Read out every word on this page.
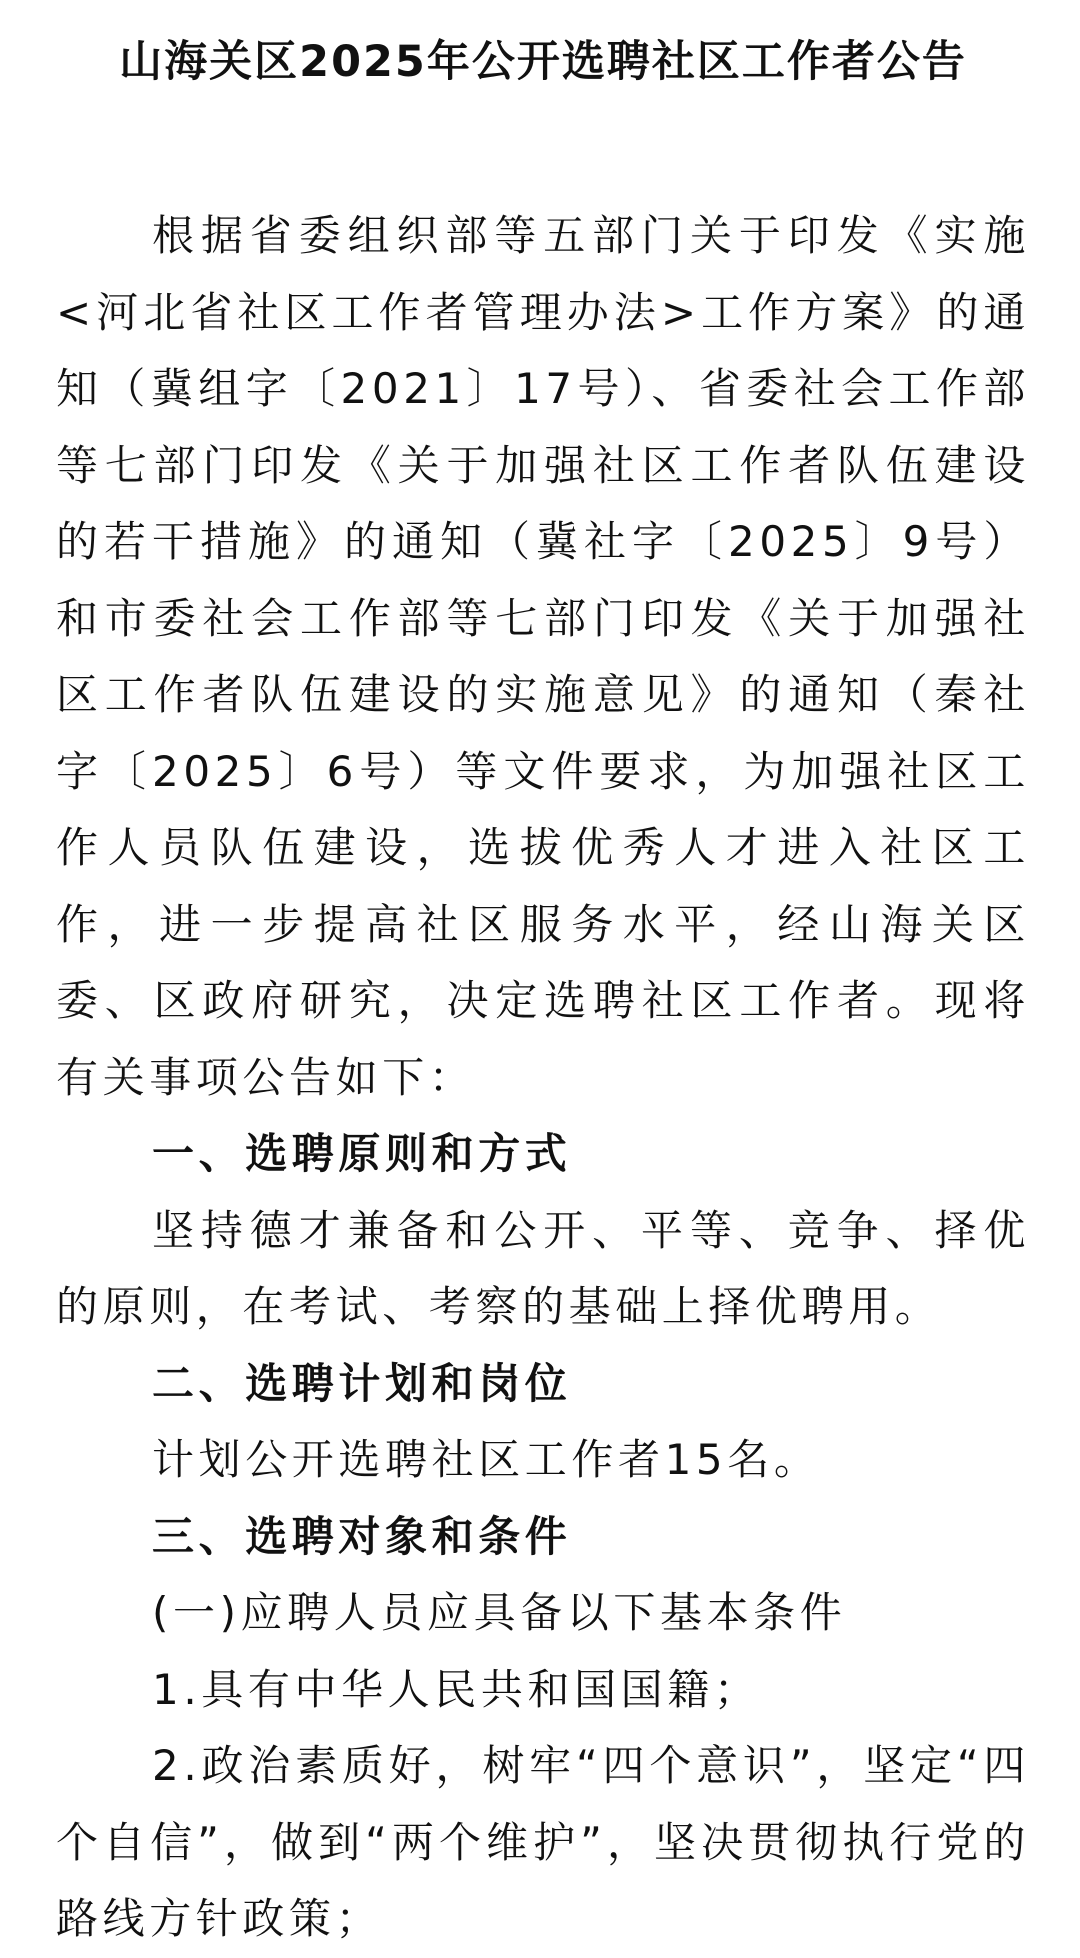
山海关区2025年公开选聘社区工作者公告

根据省委组织部等五部门关于印发《实施<河北省社区工作者管理办法>工作方案》的通知（冀组字〔2021〕17号）、省委社会工作部等七部门印发《关于加强社区工作者队伍建设的若干措施》的通知（冀社字〔2025〕9号）和市委社会工作部等七部门印发《关于加强社区工作者队伍建设的实施意见》的通知（秦社字〔2025〕6号）等文件要求，为加强社区工作人员队伍建设，选拔优秀人才进入社区工作，进一步提高社区服务水平，经山海关区委、区政府研究，决定选聘社区工作者。现将有关事项公告如下：

一、选聘原则和方式

坚持德才兼备和公开、平等、竞争、择优的原则，在考试、考察的基础上择优聘用。

二、选聘计划和岗位

计划公开选聘社区工作者15名。

三、选聘对象和条件

(一)应聘人员应具备以下基本条件

1.具有中华人民共和国国籍；

2.政治素质好，树牢“四个意识”，坚定“四个自信”，做到“两个维护”，坚决贯彻执行党的路线方针政策；
